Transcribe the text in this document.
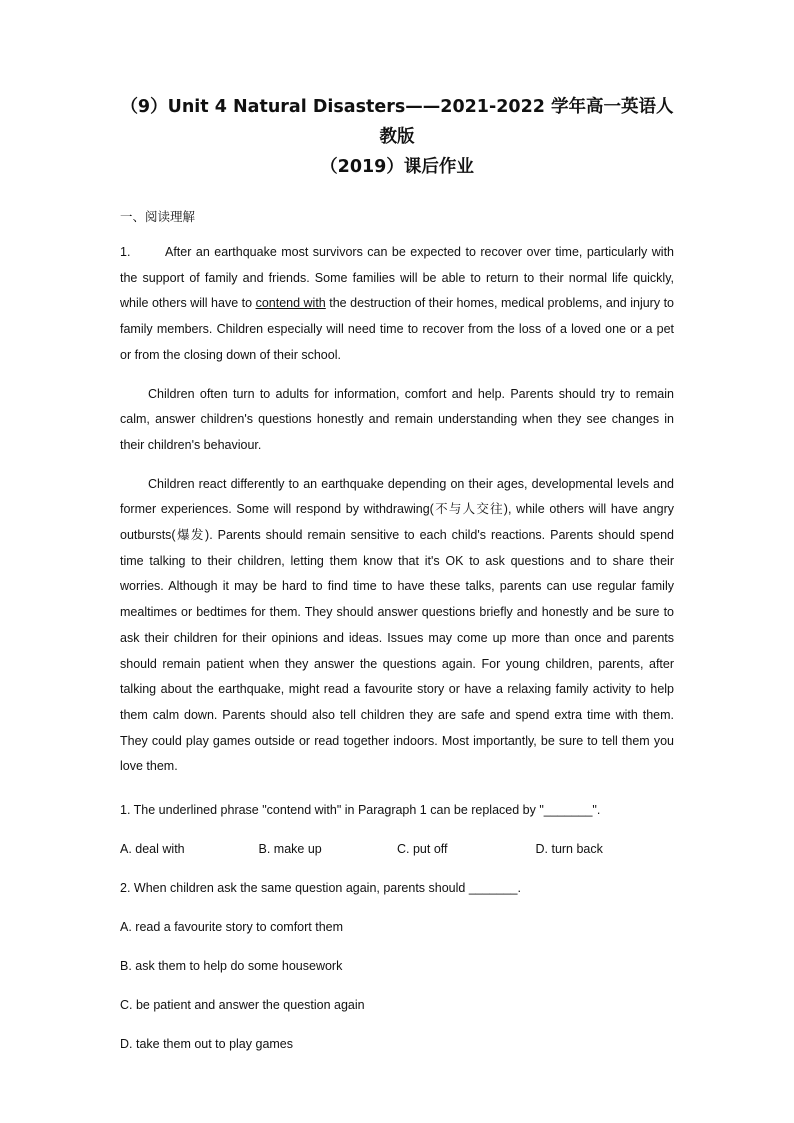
（9）Unit 4 Natural Disasters——2021-2022 学年高一英语人教版
（2019）课后作业
一、阅读理解

1.	After an earthquake most survivors can be expected to recover over time, particularly with the support of family and friends. Some families will be able to return to their normal life quickly, while others will have to contend with the destruction of their homes, medical problems, and injury to family members. Children especially will need time to recover from the loss of a loved one or a pet or from the closing down of their school.

Children often turn to adults for information, comfort and help. Parents should try to remain calm, answer children's questions honestly and remain understanding when they see changes in their children's behaviour.

Children react differently to an earthquake depending on their ages, developmental levels and former experiences. Some will respond by withdrawing(不与人交往), while others will have angry outbursts(爆发). Parents should remain sensitive to each child's reactions. Parents should spend time talking to their children, letting them know that it's OK to ask questions and to share their worries. Although it may be hard to find time to have these talks, parents can use regular family mealtimes or bedtimes for them. They should answer questions briefly and honestly and be sure to ask their children for their opinions and ideas. Issues may come up more than once and parents should remain patient when they answer the questions again. For young children, parents, after talking about the earthquake, might read a favourite story or have a relaxing family activity to help them calm down. Parents should also tell children they are safe and spend extra time with them. They could play games outside or read together indoors. Most importantly, be sure to tell them you love them.

1. The underlined phrase "contend with" in Paragraph 1 can be replaced by "_______".
A. deal with	B. make up	C. put off	D. turn back
2. When children ask the same question again, parents should _______.
A. read a favourite story to comfort them
B. ask them to help do some housework
C. be patient and answer the question again
D. take them out to play games
